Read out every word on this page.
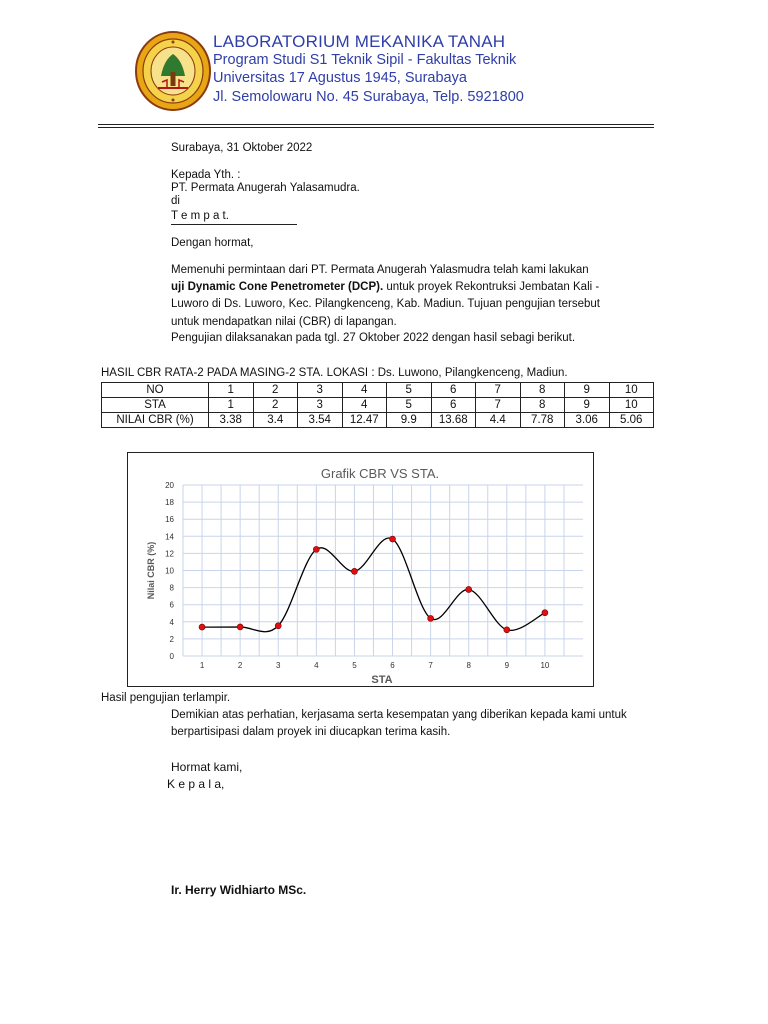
LABORATORIUM MEKANIKA TANAH
Program Studi S1 Teknik Sipil - Fakultas Teknik
Universitas 17 Agustus 1945, Surabaya
Jl. Semolowaru No. 45 Surabaya, Telp. 5921800
Surabaya, 31 Oktober 2022
Kepada Yth. :
PT. Permata Anugerah Yalasamudra.
di
T e m p a t.
Dengan hormat,
Memenuhi permintaan dari PT. Permata Anugerah Yalasmudra telah kami lakukan
uji Dynamic Cone Penetrometer (DCP). untuk proyek Rekontruksi Jembatan Kali -
Luworo di Ds. Luworo, Kec. Pilangkenceng, Kab. Madiun. Tujuan pengujian tersebut
untuk mendapatkan nilai (CBR) di lapangan.
Pengujian dilaksanakan pada tgl. 27 Oktober 2022 dengan hasil sebagi berikut.
HASIL CBR RATA-2 PADA MASING-2 STA. LOKASI : Ds. Luwono, Pilangkenceng, Madiun.
NO	1	2	3	4	5	6	7	8	9	10
STA	1	2	3	4	5	6	7	8	9	10
NILAI CBR (%)	3.38	3.4	3.54	12.47	9.9	13.68	4.4	7.78	3.06	5.06
0
2
4
6
8
10
12
14
16
18
20
1	2	3	4	5	6	7	8	9	10
Grafik CBR VS STA.
STA
Nilai CBR (%)
Hasil pengujian terlampir.
Demikian atas perhatian, kerjasama serta kesempatan yang diberikan kepada kami untuk
berpartisipasi dalam proyek ini diucapkan terima kasih.
Hormat kami,
K e p a l a,
Ir. Herry Widhiarto MSc.
